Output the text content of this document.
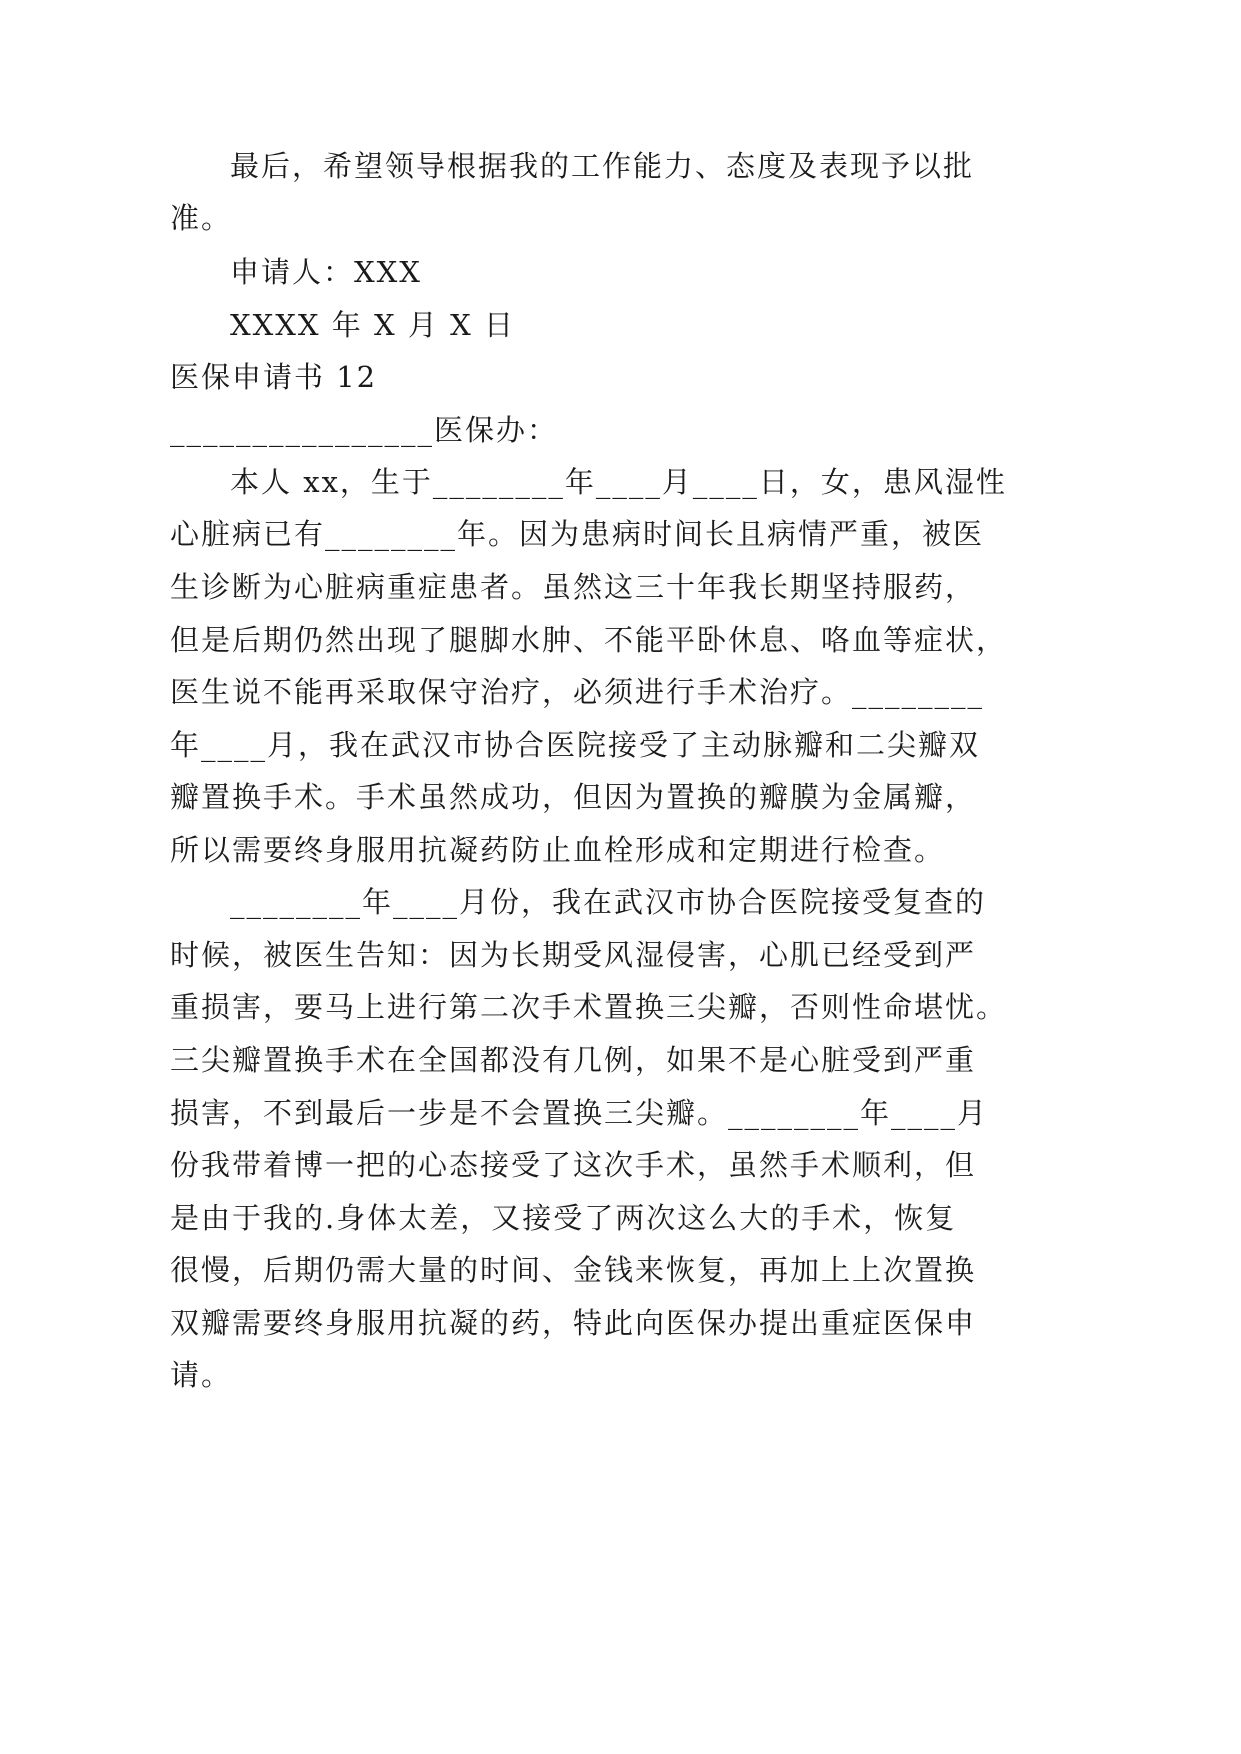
最后，希望领导根据我的工作能力、态度及表现予以批
准。
申请人：XXX
XXXX 年 X 月 X 日
医保申请书 12
________________医保办：
本人 xx，生于________年____月____日，女，患风湿性
心脏病已有________年。因为患病时间长且病情严重，被医
生诊断为心脏病重症患者。虽然这三十年我长期坚持服药，
但是后期仍然出现了腿脚水肿、不能平卧休息、咯血等症状，
医生说不能再采取保守治疗，必须进行手术治疗。________
年____月，我在武汉市协合医院接受了主动脉瓣和二尖瓣双
瓣置换手术。手术虽然成功，但因为置换的瓣膜为金属瓣，
所以需要终身服用抗凝药防止血栓形成和定期进行检查。
________年____月份，我在武汉市协合医院接受复查的
时候，被医生告知：因为长期受风湿侵害，心肌已经受到严
重损害，要马上进行第二次手术置换三尖瓣，否则性命堪忧。
三尖瓣置换手术在全国都没有几例，如果不是心脏受到严重
损害，不到最后一步是不会置换三尖瓣。________年____月
份我带着博一把的心态接受了这次手术，虽然手术顺利，但
是由于我的.身体太差，又接受了两次这么大的手术，恢复
很慢，后期仍需大量的时间、金钱来恢复，再加上上次置换
双瓣需要终身服用抗凝的药，特此向医保办提出重症医保申
请。
